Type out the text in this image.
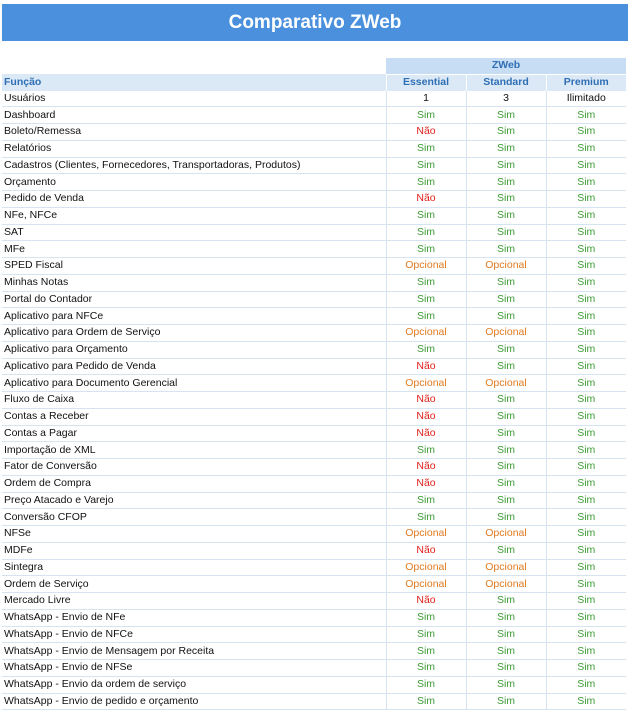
Comparativo ZWeb
	ZWeb		
Função	Essential	Standard	Premium
Usuários	1	3	Ilimitado
Dashboard	Sim	Sim	Sim
Boleto/Remessa	Não	Sim	Sim
Relatórios	Sim	Sim	Sim
Cadastros (Clientes, Fornecedores, Transportadoras, Produtos)	Sim	Sim	Sim
Orçamento	Sim	Sim	Sim
Pedido de Venda	Não	Sim	Sim
NFe, NFCe	Sim	Sim	Sim
SAT	Sim	Sim	Sim
MFe	Sim	Sim	Sim
SPED Fiscal	Opcional	Opcional	Sim
Minhas Notas	Sim	Sim	Sim
Portal do Contador	Sim	Sim	Sim
Aplicativo para NFCe	Sim	Sim	Sim
Aplicativo para Ordem de Serviço	Opcional	Opcional	Sim
Aplicativo para Orçamento	Sim	Sim	Sim
Aplicativo para Pedido de Venda	Não	Sim	Sim
Aplicativo para Documento Gerencial	Opcional	Opcional	Sim
Fluxo de Caixa	Não	Sim	Sim
Contas a Receber	Não	Sim	Sim
Contas a Pagar	Não	Sim	Sim
Importação de XML	Sim	Sim	Sim
Fator de Conversão	Não	Sim	Sim
Ordem de Compra	Não	Sim	Sim
Preço Atacado e Varejo	Sim	Sim	Sim
Conversão CFOP	Sim	Sim	Sim
NFSe	Opcional	Opcional	Sim
MDFe	Não	Sim	Sim
Sintegra	Opcional	Opcional	Sim
Ordem de Serviço	Opcional	Opcional	Sim
Mercado Livre	Não	Sim	Sim
WhatsApp - Envio de NFe	Sim	Sim	Sim
WhatsApp - Envio de NFCe	Sim	Sim	Sim
WhatsApp - Envio de Mensagem por Receita	Sim	Sim	Sim
WhatsApp - Envio de NFSe	Sim	Sim	Sim
WhatsApp - Envio da ordem de serviço	Sim	Sim	Sim
WhatsApp - Envio de pedido e orçamento	Sim	Sim	Sim
